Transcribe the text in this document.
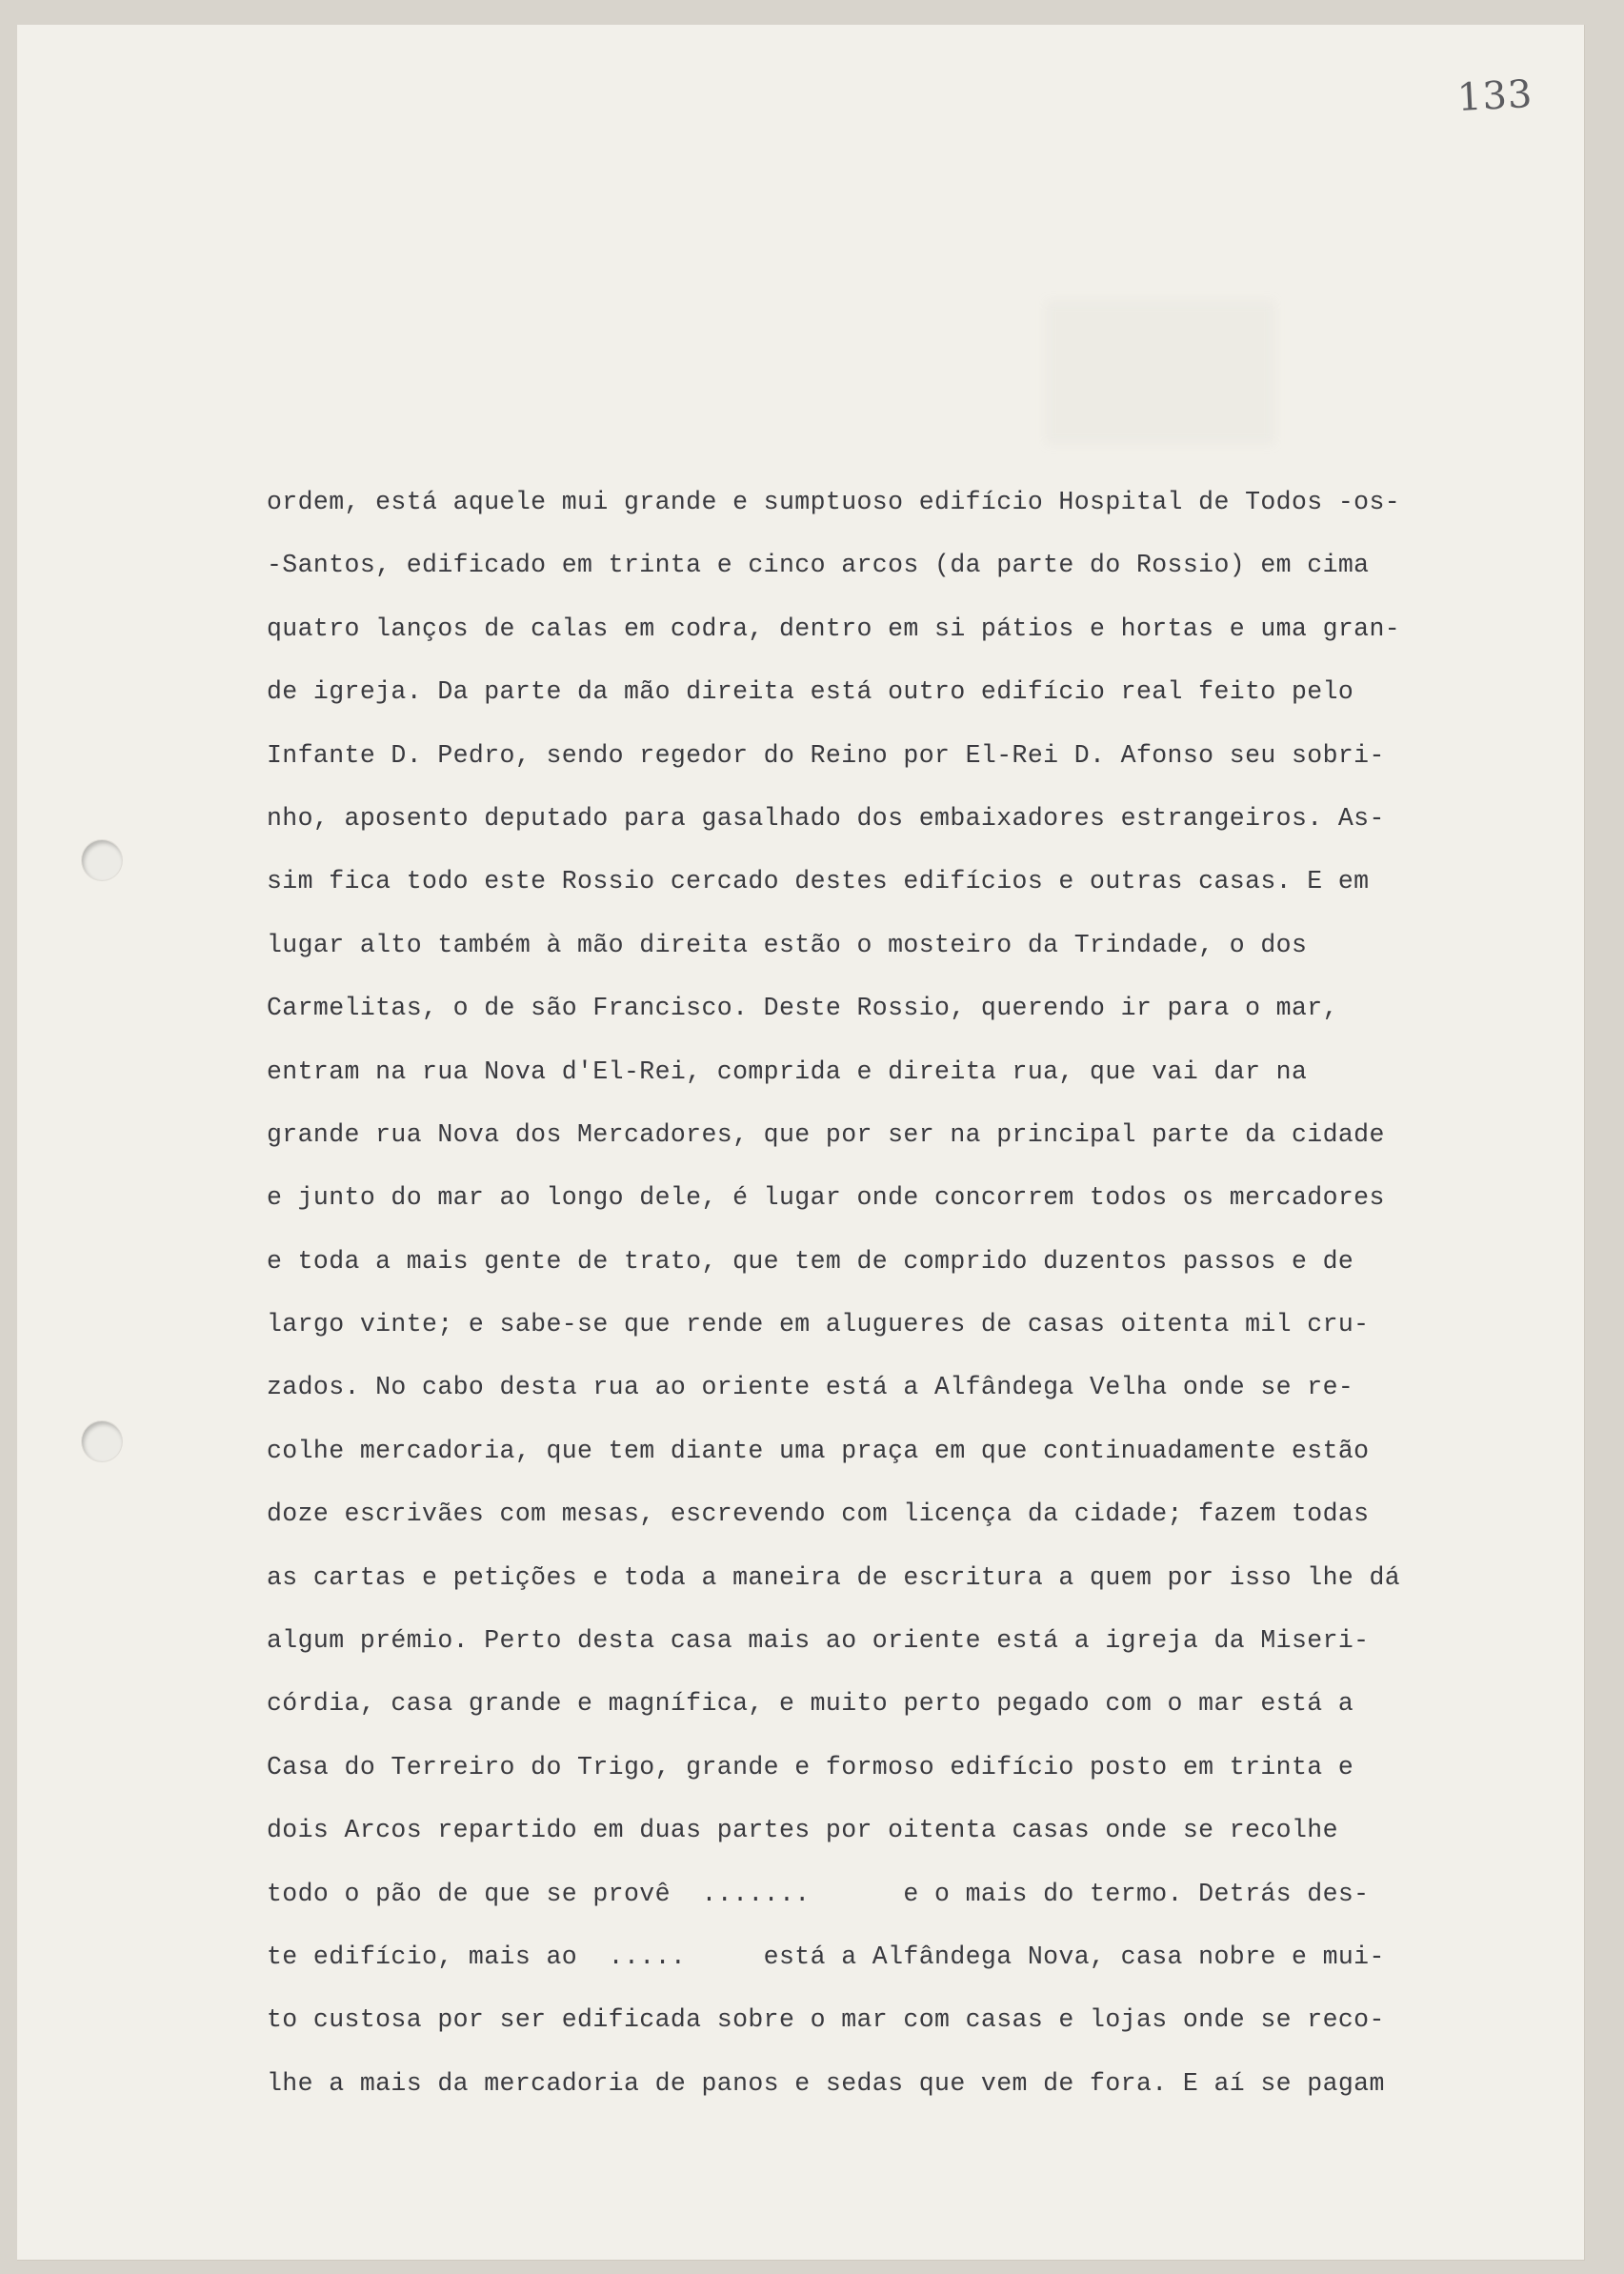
133
ordem, está aquele mui grande e sumptuoso edifício Hospital de Todos -os-
-Santos, edificado em trinta e cinco arcos (da parte do Rossio) em cima
quatro lanços de calas em codra, dentro em si pátios e hortas e uma gran-
de igreja. Da parte da mão direita está outro edifício real feito pelo
Infante D. Pedro, sendo regedor do Reino por El-Rei D. Afonso seu sobri-
nho, aposento deputado para gasalhado dos embaixadores estrangeiros. As-
sim fica todo este Rossio cercado destes edifícios e outras casas. E em
lugar alto também à mão direita estão o mosteiro da Trindade, o dos
Carmelitas, o de são Francisco. Deste Rossio, querendo ir para o mar,
entram na rua Nova d'El-Rei, comprida e direita rua, que vai dar na
grande rua Nova dos Mercadores, que por ser na principal parte da cidade
e junto do mar ao longo dele, é lugar onde concorrem todos os mercadores
e toda a mais gente de trato, que tem de comprido duzentos passos e de
largo vinte; e sabe-se que rende em alugueres de casas oitenta mil cru-
zados. No cabo desta rua ao oriente está a Alfândega Velha onde se re-
colhe mercadoria, que tem diante uma praça em que continuadamente estão
doze escrivães com mesas, escrevendo com licença da cidade; fazem todas
as cartas e petições e toda a maneira de escritura a quem por isso lhe dá
algum prémio. Perto desta casa mais ao oriente está a igreja da Miseri-
córdia, casa grande e magnífica, e muito perto pegado com o mar está a
Casa do Terreiro do Trigo, grande e formoso edifício posto em trinta e
dois Arcos repartido em duas partes por oitenta casas onde se recolhe
todo o pão de que se provê  .......      e o mais do termo. Detrás des-
te edifício, mais ao  .....     está a Alfândega Nova, casa nobre e mui-
to custosa por ser edificada sobre o mar com casas e lojas onde se reco-
lhe a mais da mercadoria de panos e sedas que vem de fora. E aí se pagam
